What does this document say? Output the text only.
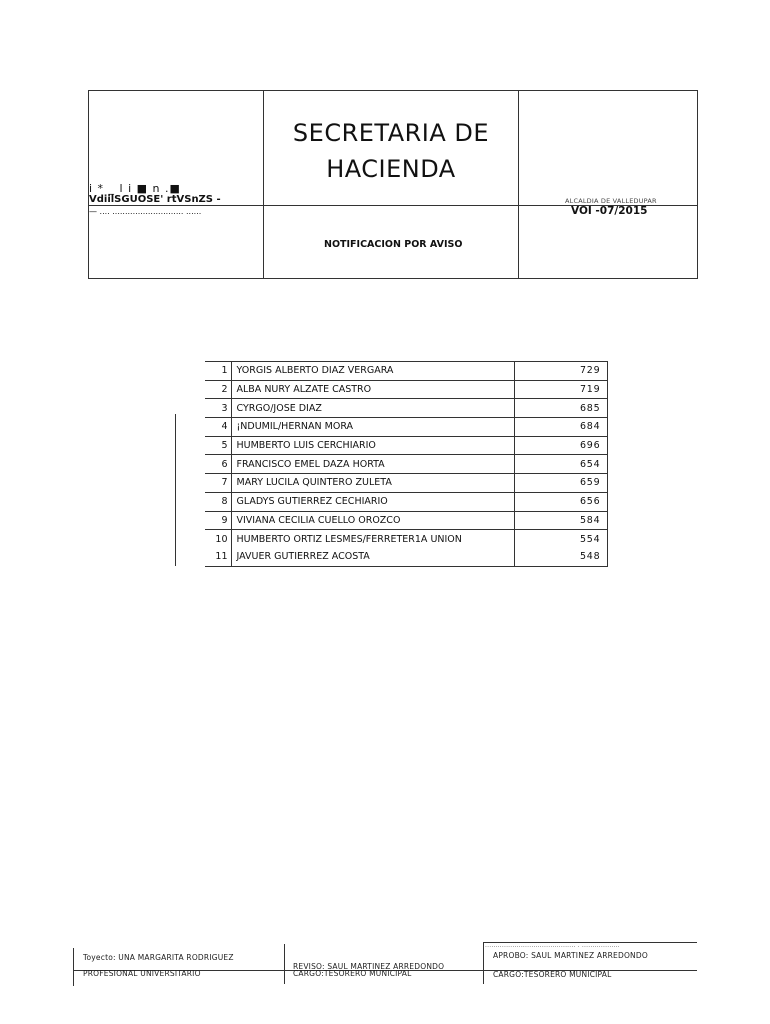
i * _ l i ■ n .■
VdiilSGUOSE' rtVSnZS -
— .... ............................ ......
SECRETARIA DE
HACIENDA
ALCALDIA DE VALLEDUPAR
VOI -07/2015
NOTIFICACION POR AVISO
1	YORGIS ALBERTO DIAZ VERGARA	729
2	ALBA NURY ALZATE CASTRO	719
3	CYRGO/JOSE DIAZ	685
4	¡NDUMIL/HERNAN MORA	684
5	HUMBERTO LUIS CERCHIARIO	696
6	FRANCISCO EMEL DAZA HORTA	654
7	MARY LUCILA QUINTERO ZULETA	659
8	GLADYS GUTIERREZ CECHIARIO	656
9	VIVIANA CECILIA CUELLO OROZCO	584
10	HUMBERTO ORTIZ LESMES/FERRETER1A UNION	554
11	JAVUER GUTIERREZ ACOSTA	548
Toyecto: UNA MARGARITA RODRIGUEZ
PROFESIONAL UNIVERSITARIO
REVISO: SAUL MARTINEZ ARREDONDO
CARGO:TESORERO MUNICIPAL
........................................... . ..................
APROBO: SAUL MARTINEZ ARREDONDO
CARGO:TESORERO MUNICIPAL
